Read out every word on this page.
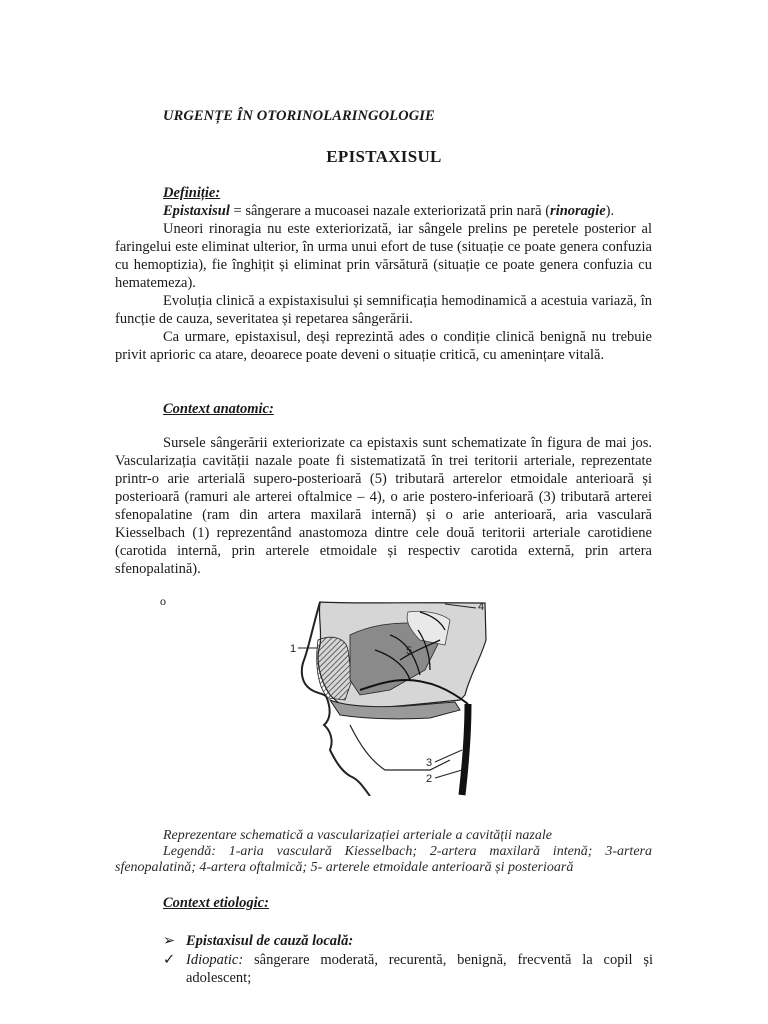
URGENȚE ÎN OTORINOLARINGOLOGIE
EPISTAXISUL

Definiție:

Epistaxisul = sângerare a mucoasei nazale exteriorizată prin nară (rinoragie).

Uneori rinoragia nu este exteriorizată, iar sângele prelins pe peretele posterior al faringelui este eliminat ulterior, în urma unui efort de tuse (situație ce poate genera confuzia cu hemoptizia), fie înghițit și eliminat prin vărsătură (situație ce poate genera confuzia cu hematemeza).

Evoluția clinică a expistaxisului și semnificația hemodinamică a acestuia variază, în funcție de cauza, severitatea și repetarea sângerării.

Ca urmare, epistaxisul, deși reprezintă ades o condiție clinică benignă nu trebuie privit aprioric ca atare, deoarece poate deveni o situație critică, cu amenințare vitală.

Context anatomic:

Sursele sângerării exteriorizate ca epistaxis sunt schematizate în figura de mai jos. Vascularizația cavității nazale poate fi sistematizată în trei teritorii arteriale, reprezentate printr-o arie arterială supero-posterioară (5) tributară arterelor etmoidale anterioară și posterioară (ramuri ale arterei oftalmice – 4), o arie postero-inferioară (3) tributară arterei sfenopalatine (ram din artera maxilară internă) și o arie anterioară, aria vasculară Kiesselbach (1) reprezentând anastomoza dintre cele două teritorii arteriale carotidiene (carotida internă, prin arterele etmoidale și respectiv carotida externă, prin artera sfenopalatină).

o
1
2
3
4
5

Reprezentare schematică a vascularizației arteriale a cavității nazale

Legendă: 1-aria vasculară Kiesselbach; 2-artera maxilară intenă; 3-artera sfenopalatină; 4-artera oftalmică; 5- arterele etmoidale anterioară și posterioară

Context etiologic:
➢ Epistaxisul de cauză locală:
✓ Idiopatic: sângerare moderată, recurentă, benignă, frecventă la copil și adolescent;
